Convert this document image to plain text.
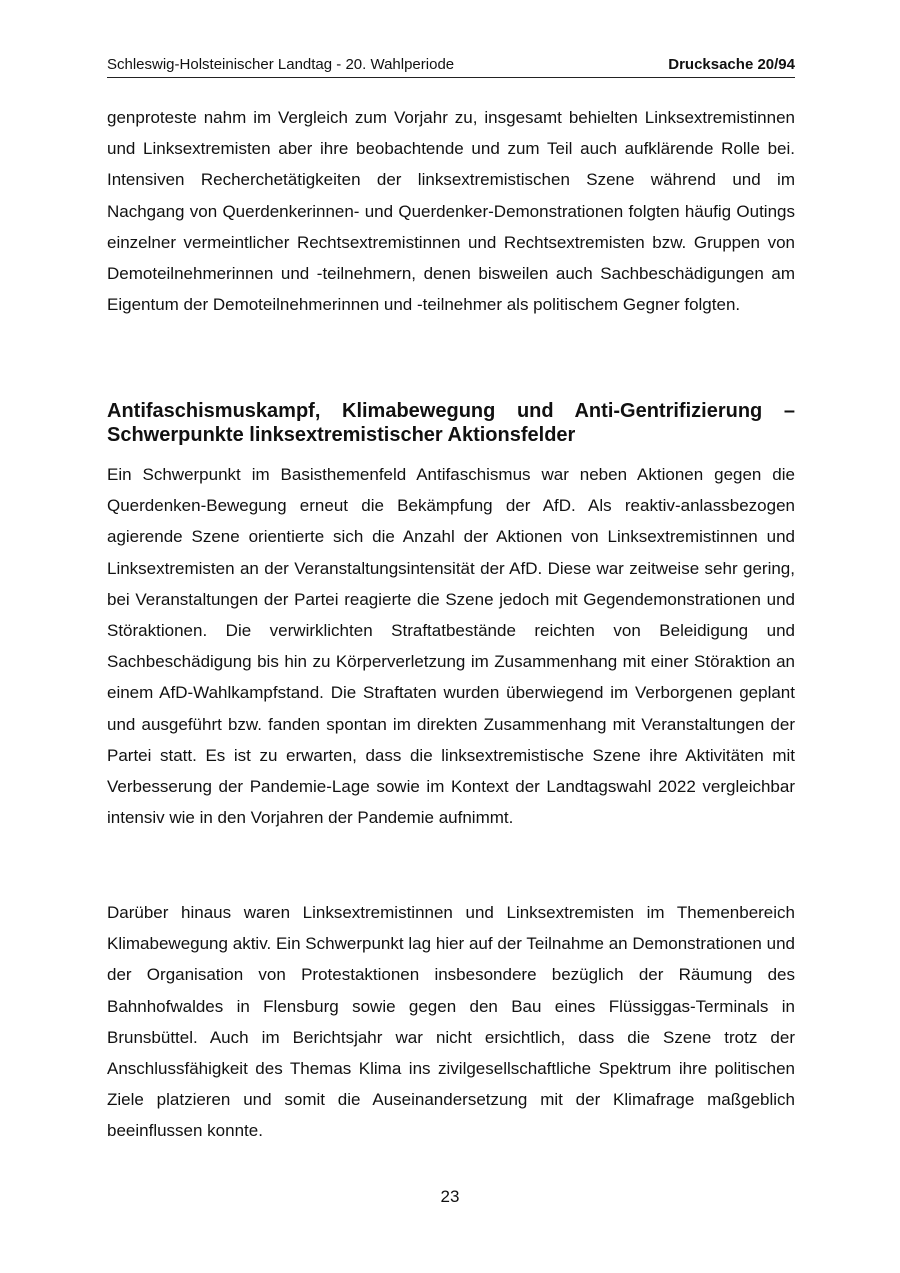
Schleswig-Holsteinischer Landtag - 20. Wahlperiode	Drucksache 20/94

genproteste nahm im Vergleich zum Vorjahr zu, insgesamt behielten Linksextremistinnen und Linksextremisten aber ihre beobachtende und zum Teil auch aufklärende Rolle bei. Intensiven Recherchetätigkeiten der linksextremistischen Szene während und im Nachgang von Querdenkerinnen- und Querdenker-Demonstrationen folgten häufig Outings einzelner vermeintlicher Rechtsextremistinnen und Rechtsextremisten bzw. Gruppen von Demoteilnehmerinnen und -teilnehmern, denen bisweilen auch Sachbeschädigungen am Eigentum der Demoteilnehmerinnen und -teilnehmer als politischem Gegner folgten.

Antifaschismuskampf, Klimabewegung und Anti-Gentrifizierung – Schwerpunkte linksextremistischer Aktionsfelder

Ein Schwerpunkt im Basisthemenfeld Antifaschismus war neben Aktionen gegen die Querdenken-Bewegung erneut die Bekämpfung der AfD. Als reaktiv-anlassbezogen agierende Szene orientierte sich die Anzahl der Aktionen von Linksextremistinnen und Linksextremisten an der Veranstaltungsintensität der AfD. Diese war zeitweise sehr gering, bei Veranstaltungen der Partei reagierte die Szene jedoch mit Gegendemonstrationen und Störaktionen. Die verwirklichten Straftatbestände reichten von Beleidigung und Sachbeschädigung bis hin zu Körperverletzung im Zusammenhang mit einer Störaktion an einem AfD-Wahlkampfstand. Die Straftaten wurden überwiegend im Verborgenen geplant und ausgeführt bzw. fanden spontan im direkten Zusammenhang mit Veranstaltungen der Partei statt. Es ist zu erwarten, dass die linksextremistische Szene ihre Aktivitäten mit Verbesserung der Pandemie-Lage sowie im Kontext der Landtagswahl 2022 vergleichbar intensiv wie in den Vorjahren der Pandemie aufnimmt.

Darüber hinaus waren Linksextremistinnen und Linksextremisten im Themenbereich Klimabewegung aktiv. Ein Schwerpunkt lag hier auf der Teilnahme an Demonstrationen und der Organisation von Protestaktionen insbesondere bezüglich der Räumung des Bahnhofwaldes in Flensburg sowie gegen den Bau eines Flüssiggas-Terminals in Brunsbüttel. Auch im Berichtsjahr war nicht ersichtlich, dass die Szene trotz der Anschlussfähigkeit des Themas Klima ins zivilgesellschaftliche Spektrum ihre politischen Ziele platzieren und somit die Auseinandersetzung mit der Klimafrage maßgeblich beeinflussen konnte.

23
